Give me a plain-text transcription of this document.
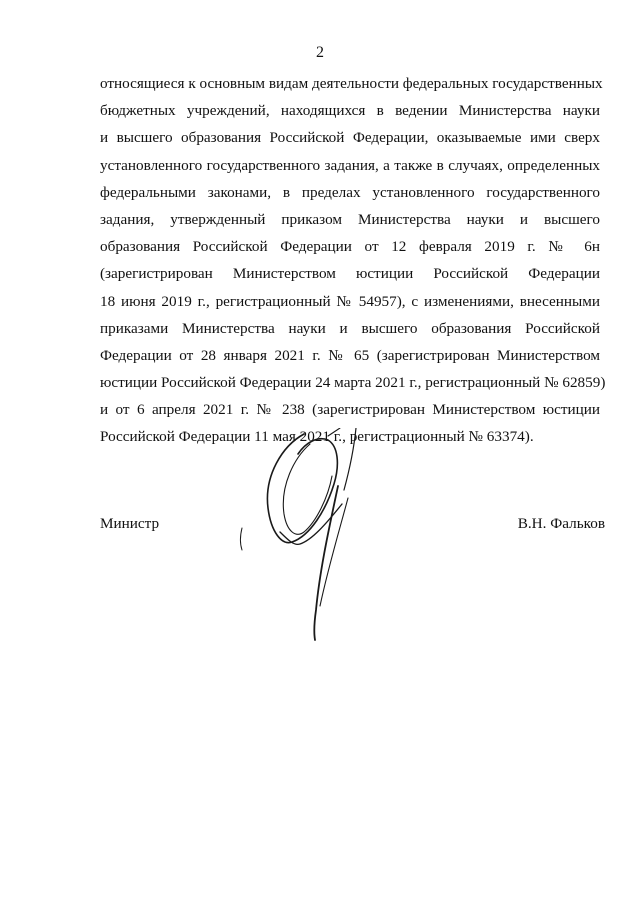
2
относящиеся к основным видам деятельности федеральных государственных
бюджетных учреждений, находящихся в ведении Министерства науки
и высшего образования Российской Федерации, оказываемые ими сверх
установленного государственного задания, а также в случаях, определенных
федеральными законами, в пределах установленного государственного
задания, утвержденный приказом Министерства науки и высшего
образования Российской Федерации от 12 февраля 2019 г. № 6н
(зарегистрирован Министерством юстиции Российской Федерации
18 июня 2019 г., регистрационный № 54957), с изменениями, внесенными
приказами Министерства науки и высшего образования Российской
Федерации от 28 января 2021 г. № 65 (зарегистрирован Министерством
юстиции Российской Федерации 24 марта 2021 г., регистрационный № 62859)
и от 6 апреля 2021 г. № 238 (зарегистрирован Министерством юстиции
Российской Федерации 11 мая 2021 г., регистрационный № 63374).
Министр	В.Н. Фальков
